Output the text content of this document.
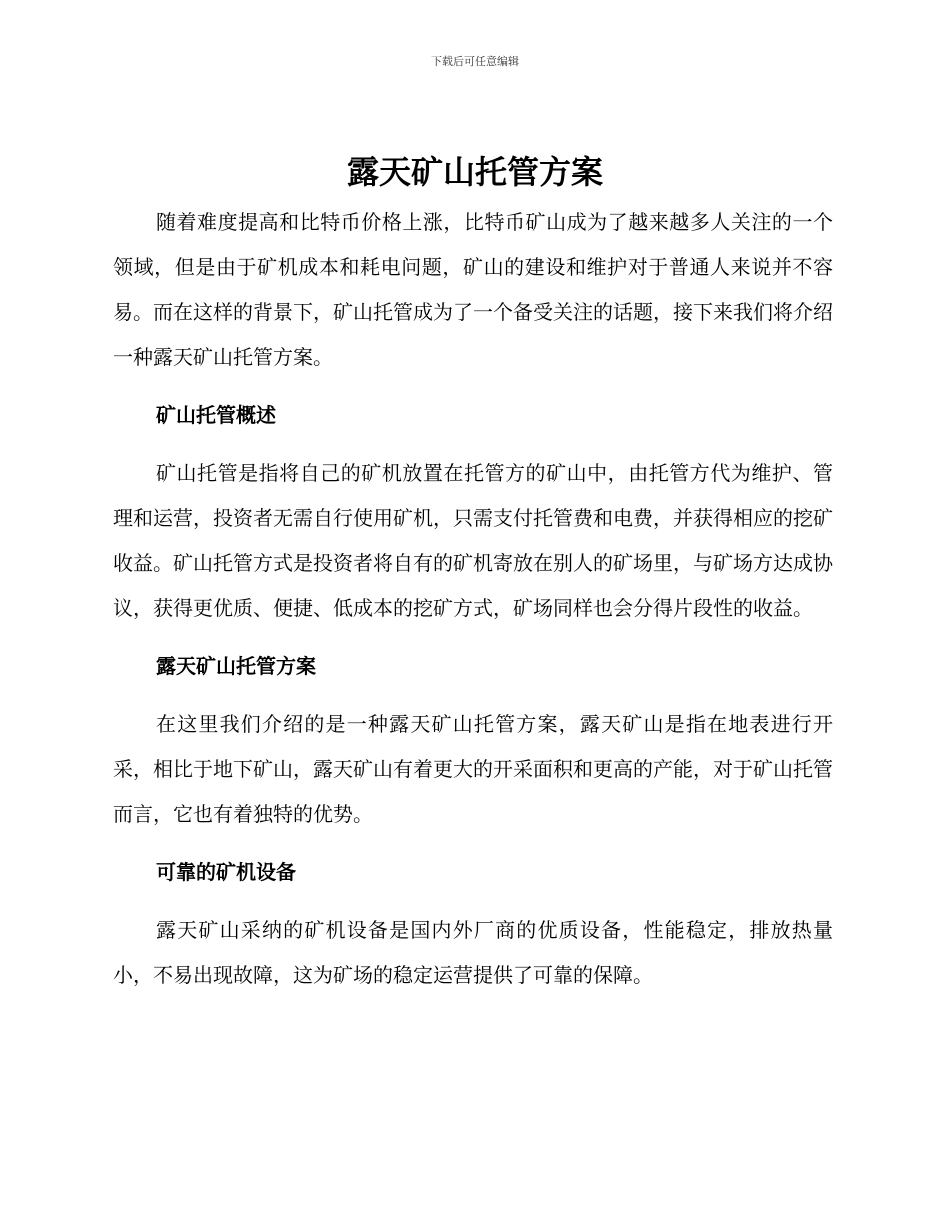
下载后可任意编辑
露天矿山托管方案

随着难度提高和比特币价格上涨，比特币矿山成为了越来越多人关注的一个领域，但是由于矿机成本和耗电问题，矿山的建设和维护对于普通人来说并不容易。而在这样的背景下，矿山托管成为了一个备受关注的话题，接下来我们将介绍一种露天矿山托管方案。

矿山托管概述

矿山托管是指将自己的矿机放置在托管方的矿山中，由托管方代为维护、管理和运营，投资者无需自行使用矿机，只需支付托管费和电费，并获得相应的挖矿收益。矿山托管方式是投资者将自有的矿机寄放在别人的矿场里，与矿场方达成协议，获得更优质、便捷、低成本的挖矿方式，矿场同样也会分得片段性的收益。

露天矿山托管方案

在这里我们介绍的是一种露天矿山托管方案，露天矿山是指在地表进行开采，相比于地下矿山，露天矿山有着更大的开采面积和更高的产能，对于矿山托管而言，它也有着独特的优势。

可靠的矿机设备

露天矿山采纳的矿机设备是国内外厂商的优质设备，性能稳定，排放热量小，不易出现故障，这为矿场的稳定运营提供了可靠的保障。
